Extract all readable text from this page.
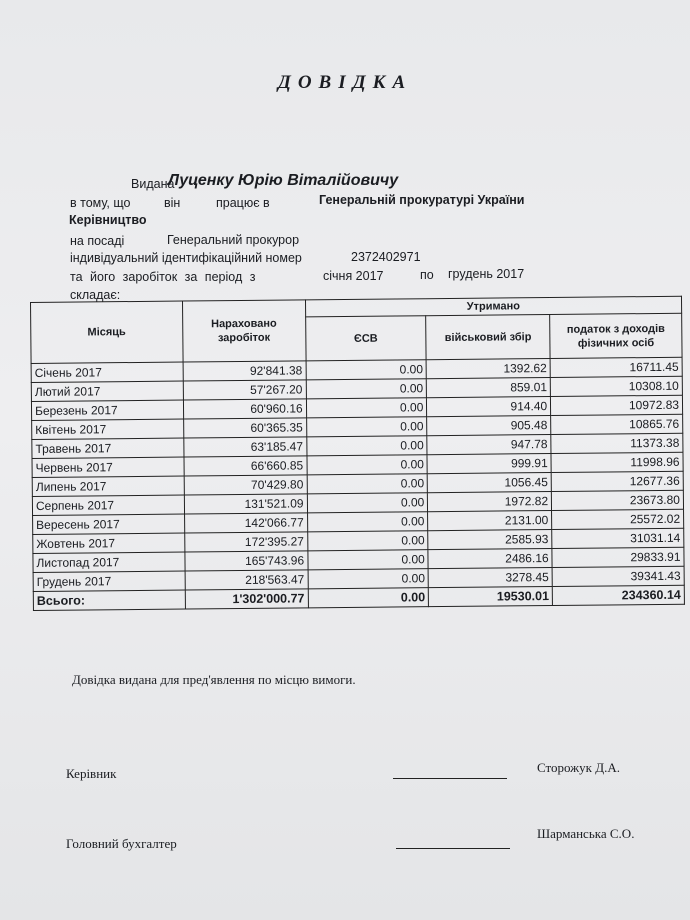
ДОВІДКА
Видана
Луценку Юрію Віталійовичу
в тому, що	він	працює в	Генеральній прокуратурі України
Керівництво
на посаді	Генеральний прокурор
індивідуальний ідентифікаційний номер	2372402971
та його заробіток за період з	січня 2017	по грудень 2017
складає:
Місяць	Нараховано заробіток	Утримано		
		ЄСВ	військовий збір	податок з доходів фізичних осіб
Січень 2017	92'841.38	0.00	1392.62	16711.45
Лютий 2017	57'267.20	0.00	859.01	10308.10
Березень 2017	60'960.16	0.00	914.40	10972.83
Квітень 2017	60'365.35	0.00	905.48	10865.76
Травень 2017	63'185.47	0.00	947.78	11373.38
Червень 2017	66'660.85	0.00	999.91	11998.96
Липень 2017	70'429.80	0.00	1056.45	12677.36
Серпень 2017	131'521.09	0.00	1972.82	23673.80
Вересень 2017	142'066.77	0.00	2131.00	25572.02
Жовтень 2017	172'395.27	0.00	2585.93	31031.14
Листопад 2017	165'743.96	0.00	2486.16	29833.91
Грудень 2017	218'563.47	0.00	3278.45	39341.43
Всього:	1'302'000.77	0.00	19530.01	234360.14
Довідка видана для пред'явлення по місцю вимоги.
Керівник	Сторожук Д.А.
Головний бухгалтер
Шарманська С.О.
